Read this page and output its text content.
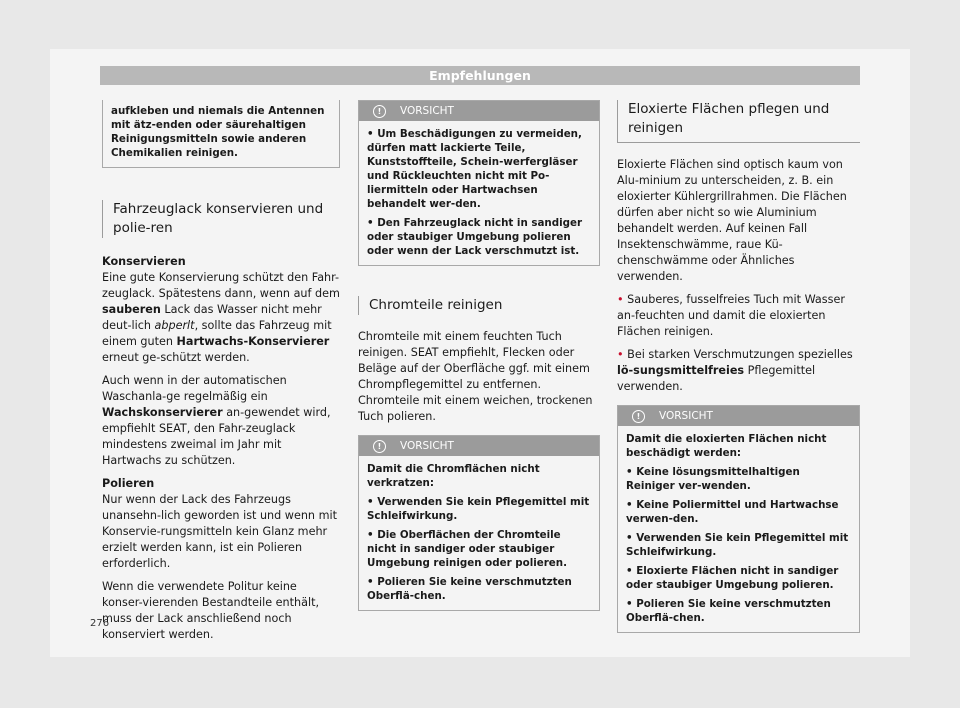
Empfehlungen

aufkleben und niemals die Antennen mit ätz-enden oder säurehaltigen Reinigungsmitteln sowie anderen Chemikalien reinigen.

Fahrzeuglack konservieren und polie-ren

Konservieren

Eine gute Konservierung schützt den Fahr-zeuglack. Spätestens dann, wenn auf dem sauberen Lack das Wasser nicht mehr deut-lich abperlt, sollte das Fahrzeug mit einem guten Hartwachs-Konservierer erneut ge-schützt werden.

Auch wenn in der automatischen Waschanla-ge regelmäßig ein Wachskonservierer an-gewendet wird, empfiehlt SEAT, den Fahr-zeuglack mindestens zweimal im Jahr mit Hartwachs zu schützen.

Polieren

Nur wenn der Lack des Fahrzeugs unansehn-lich geworden ist und wenn mit Konservie-rungsmitteln kein Glanz mehr erzielt werden kann, ist ein Polieren erforderlich.

Wenn die verwendete Politur keine konser-vierenden Bestandteile enthält, muss der Lack anschließend noch konserviert werden.

!	VORSICHT

• Um Beschädigungen zu vermeiden, dürfen matt lackierte Teile, Kunststoffteile, Schein-werfergläser und Rückleuchten nicht mit Po-liermitteln oder Hartwachsen behandelt wer-den.

• Den Fahrzeuglack nicht in sandiger oder staubiger Umgebung polieren oder wenn der Lack verschmutzt ist.

Chromteile reinigen

Chromteile mit einem feuchten Tuch reinigen. SEAT empfiehlt, Flecken oder Beläge auf der Oberfläche ggf. mit einem Chrompflegemittel zu entfernen. Chromteile mit einem weichen, trockenen Tuch polieren.

!	VORSICHT

Damit die Chromflächen nicht verkratzen:

• Verwenden Sie kein Pflegemittel mit Schleifwirkung.

• Die Oberflächen der Chromteile nicht in sandiger oder staubiger Umgebung reinigen oder polieren.

• Polieren Sie keine verschmutzten Oberflä-chen.

Eloxierte Flächen pflegen und reinigen

Eloxierte Flächen sind optisch kaum von Alu-minium zu unterscheiden, z. B. ein eloxierter Kühlergrillrahmen. Die Flächen dürfen aber nicht so wie Aluminium behandelt werden. Auf keinen Fall Insektenschwämme, raue Kü-chenschwämme oder Ähnliches verwenden.

• Sauberes, fusselfreies Tuch mit Wasser an-feuchten und damit die eloxierten Flächen reinigen.

• Bei starken Verschmutzungen spezielles lö-sungsmittelfreies Pflegemittel verwenden.

!	VORSICHT

Damit die eloxierten Flächen nicht beschädigt werden:

• Keine lösungsmittelhaltigen Reiniger ver-wenden.

• Keine Poliermittel und Hartwachse verwen-den.

• Verwenden Sie kein Pflegemittel mit Schleifwirkung.

• Eloxierte Flächen nicht in sandiger oder staubiger Umgebung polieren.

• Polieren Sie keine verschmutzten Oberflä-chen.

276
